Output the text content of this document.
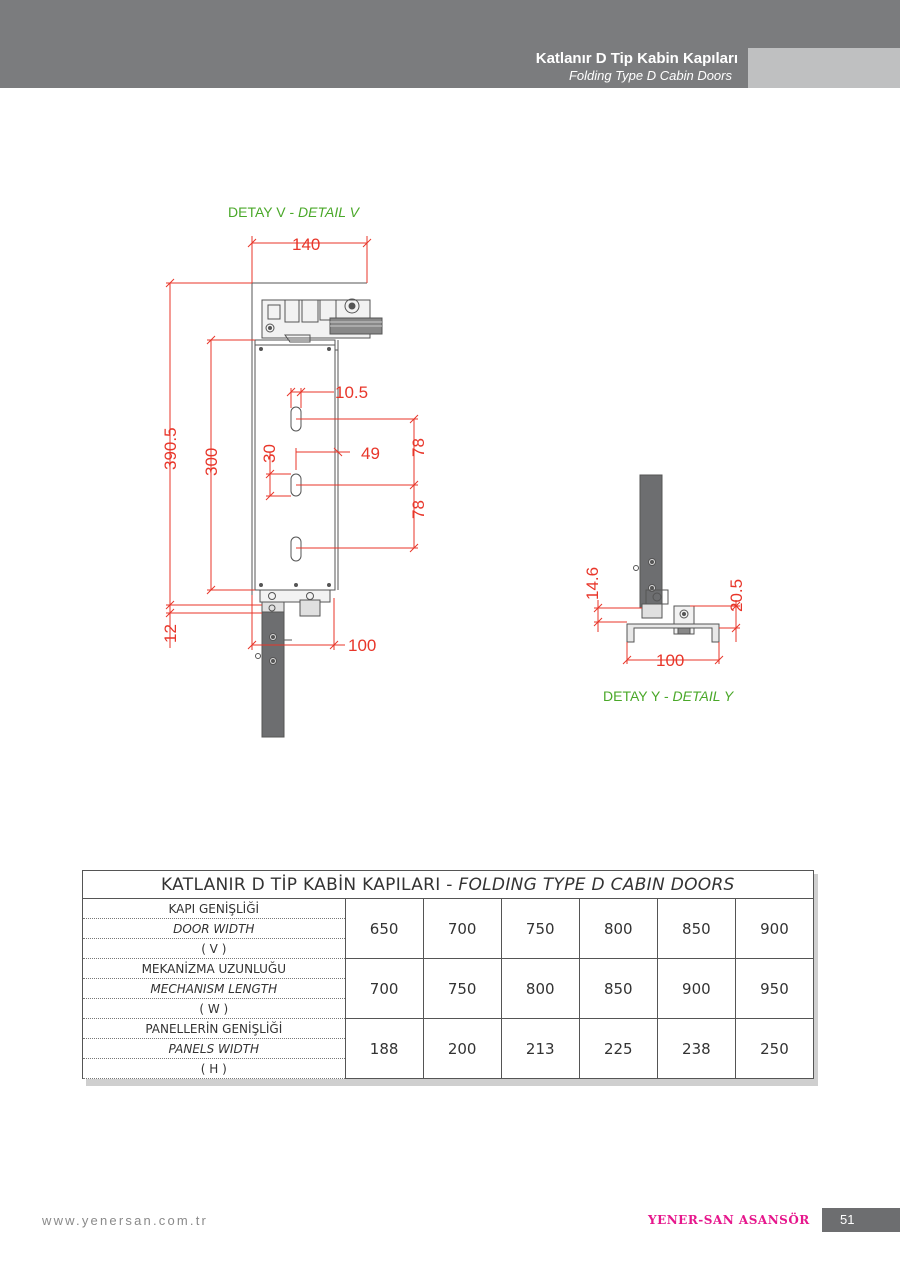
Katlanır D Tip Kabin Kapıları
Folding Type D Cabin Doors
DETAY V - DETAIL V
140
390.5 300
10.5
30	49 78
78
12
100
14.6	20.5
100
DETAY Y - DETAIL Y
KATLANIR D TİP KABİN KAPILARI - FOLDING TYPE D CABIN DOORS						
KAPI GENİŞLİĞİ	650	700	750	800	850	900
DOOR WIDTH						
( V )						
MEKANİZMA UZUNLUĞU	700	750	800	850	900	950
MECHANISM LENGTH						
( W )						
PANELLERİN GENİŞLİĞİ	188	200	213	225	238	250
PANELS WIDTH						
( H )						
www.yenersan.com.tr	YENER-SAN ASANSÖR	51
